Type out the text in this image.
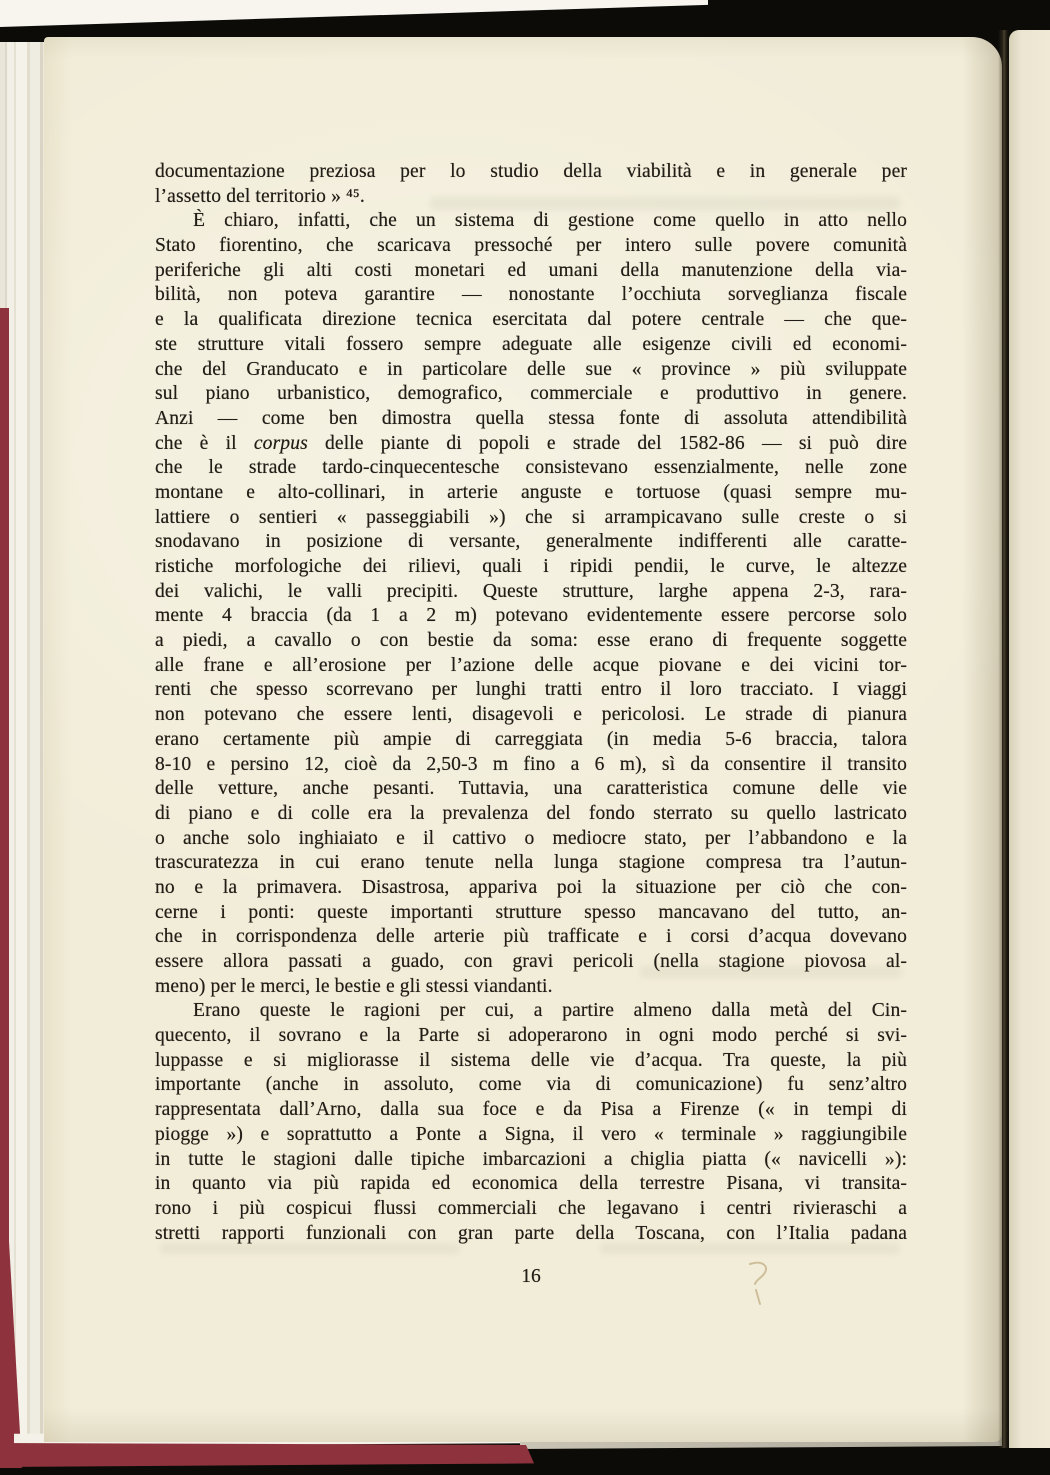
documentazione preziosa per lo studio della viabilità e in generale per
l’assetto del territorio » ⁴⁵.
È chiaro, infatti, che un sistema di gestione come quello in atto nello
Stato fiorentino, che scaricava pressoché per intero sulle povere comunità
periferiche gli alti costi monetari ed umani della manutenzione della via-
bilità, non poteva garantire — nonostante l’occhiuta sorveglianza fiscale
e la qualificata direzione tecnica esercitata dal potere centrale — che que-
ste strutture vitali fossero sempre adeguate alle esigenze civili ed economi-
che del Granducato e in particolare delle sue « province » più sviluppate
sul piano urbanistico, demografico, commerciale e produttivo in genere.
Anzi — come ben dimostra quella stessa fonte di assoluta attendibilità
che è il corpus delle piante di popoli e strade del 1582-86 — si può dire
che le strade tardo-cinquecentesche consistevano essenzialmente, nelle zone
montane e alto-collinari, in arterie anguste e tortuose (quasi sempre mu-
lattiere o sentieri « passeggiabili ») che si arrampicavano sulle creste o si
snodavano in posizione di versante, generalmente indifferenti alle caratte-
ristiche morfologiche dei rilievi, quali i ripidi pendii, le curve, le altezze
dei valichi, le valli precipiti. Queste strutture, larghe appena 2-3, rara-
mente 4 braccia (da 1 a 2 m) potevano evidentemente essere percorse solo
a piedi, a cavallo o con bestie da soma: esse erano di frequente soggette
alle frane e all’erosione per l’azione delle acque piovane e dei vicini tor-
renti che spesso scorrevano per lunghi tratti entro il loro tracciato. I viaggi
non potevano che essere lenti, disagevoli e pericolosi. Le strade di pianura
erano certamente più ampie di carreggiata (in media 5-6 braccia, talora
8-10 e persino 12, cioè da 2,50-3 m fino a 6 m), sì da consentire il transito
delle vetture, anche pesanti. Tuttavia, una caratteristica comune delle vie
di piano e di colle era la prevalenza del fondo sterrato su quello lastricato
o anche solo inghiaiato e il cattivo o mediocre stato, per l’abbandono e la
trascuratezza in cui erano tenute nella lunga stagione compresa tra l’autun-
no e la primavera. Disastrosa, appariva poi la situazione per ciò che con-
cerne i ponti: queste importanti strutture spesso mancavano del tutto, an-
che in corrispondenza delle arterie più trafficate e i corsi d’acqua dovevano
essere allora passati a guado, con gravi pericoli (nella stagione piovosa al-
meno) per le merci, le bestie e gli stessi viandanti.
Erano queste le ragioni per cui, a partire almeno dalla metà del Cin-
quecento, il sovrano e la Parte si adoperarono in ogni modo perché si svi-
luppasse e si migliorasse il sistema delle vie d’acqua. Tra queste, la più
importante (anche in assoluto, come via di comunicazione) fu senz’altro
rappresentata dall’Arno, dalla sua foce e da Pisa a Firenze (« in tempi di
piogge ») e soprattutto a Ponte a Signa, il vero « terminale » raggiungibile
in tutte le stagioni dalle tipiche imbarcazioni a chiglia piatta (« navicelli »):
in quanto via più rapida ed economica della terrestre Pisana, vi transita-
rono i più cospicui flussi commerciali che legavano i centri rivieraschi a
stretti rapporti funzionali con gran parte della Toscana, con l’Italia padana
16
